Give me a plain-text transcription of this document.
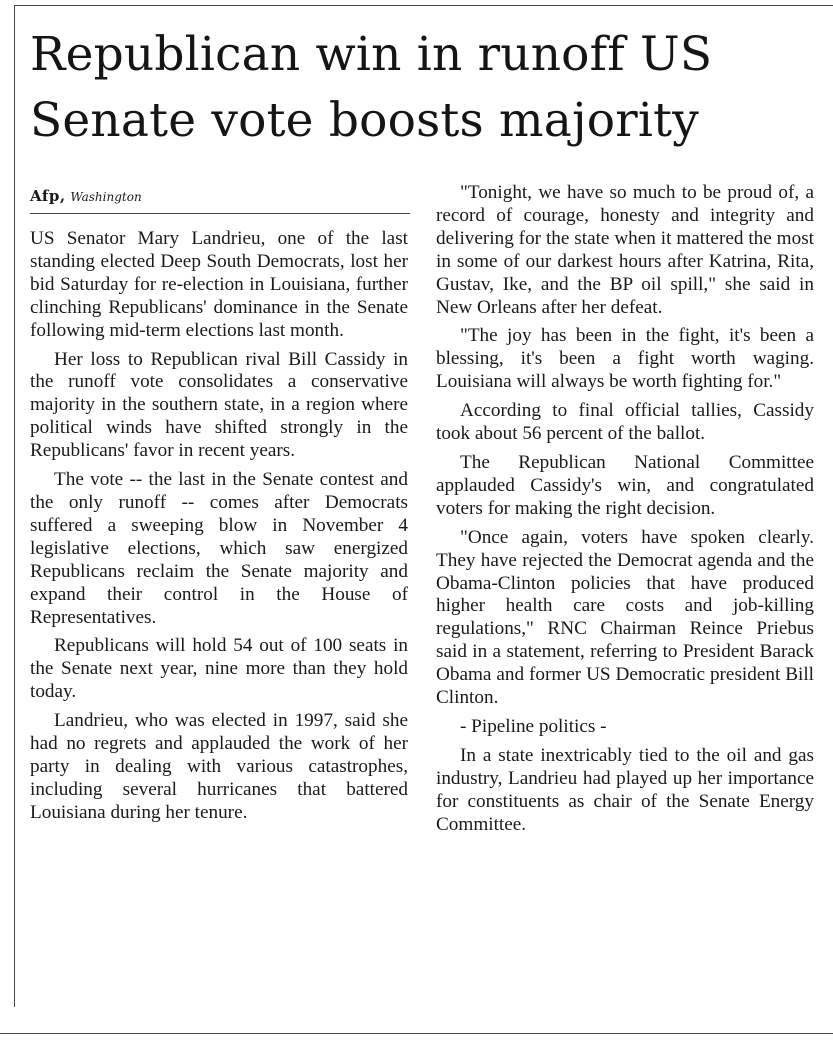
Republican win in runoff US Senate vote boosts majority
Afp, Washington

US Senator Mary Landrieu, one of the last standing elected Deep South Democrats, lost her bid Saturday for re-election in Louisiana, further clinching Republicans' dominance in the Senate following mid-term elections last month.

Her loss to Republican rival Bill Cassidy in the runoff vote consolidates a conservative majority in the southern state, in a region where political winds have shifted strongly in the Republicans' favor in recent years.

The vote -- the last in the Senate contest and the only runoff -- comes after Democrats suffered a sweeping blow in November 4 legislative elections, which saw energized Republicans reclaim the Senate majority and expand their control in the House of Representatives.

Republicans will hold 54 out of 100 seats in the Senate next year, nine more than they hold today.

Landrieu, who was elected in 1997, said she had no regrets and applauded the work of her party in dealing with various catastrophes, including several hurricanes that battered Louisiana during her tenure.

"Tonight, we have so much to be proud of, a record of courage, honesty and integrity and delivering for the state when it mattered the most in some of our darkest hours after Katrina, Rita, Gustav, Ike, and the BP oil spill," she said in New Orleans after her defeat.

"The joy has been in the fight, it's been a blessing, it's been a fight worth waging. Louisiana will always be worth fighting for."

According to final official tallies, Cassidy took about 56 percent of the ballot.

The Republican National Committee applauded Cassidy's win, and congratulated voters for making the right decision.

"Once again, voters have spoken clearly. They have rejected the Democrat agenda and the Obama-Clinton policies that have produced higher health care costs and job-killing regulations," RNC Chairman Reince Priebus said in a statement, referring to President Barack Obama and former US Democratic president Bill Clinton.

- Pipeline politics -

In a state inextricably tied to the oil and gas industry, Landrieu had played up her importance for constituents as chair of the Senate Energy Committee.
